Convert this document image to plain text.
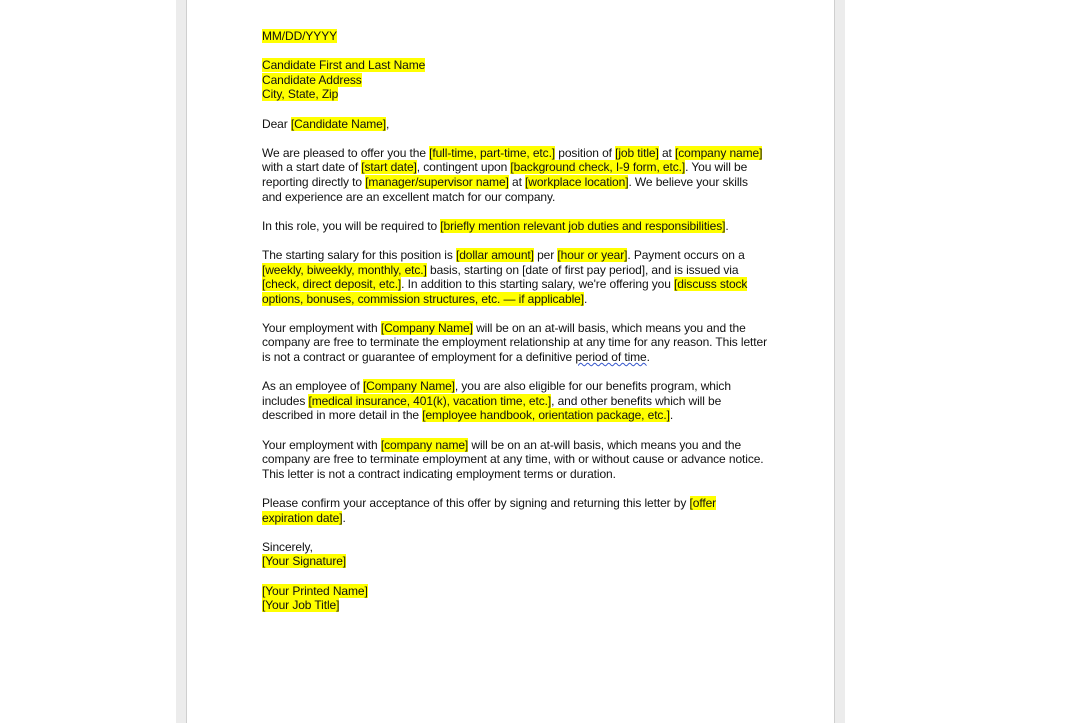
MM/DD/YYYY

Candidate First and Last Name
Candidate Address
City, State, Zip

Dear [Candidate Name],

We are pleased to offer you the [full-time, part-time, etc.] position of [job title] at [company name] with a start date of [start date], contingent upon [background check, I-9 form, etc.]. You will be reporting directly to [manager/supervisor name] at [workplace location]. We believe your skills and experience are an excellent match for our company.

In this role, you will be required to [briefly mention relevant job duties and responsibilities].

The starting salary for this position is [dollar amount] per [hour or year]. Payment occurs on a [weekly, biweekly, monthly, etc.] basis, starting on [date of first pay period], and is issued via [check, direct deposit, etc.]. In addition to this starting salary, we're offering you [discuss stock options, bonuses, commission structures, etc. — if applicable].

Your employment with [Company Name] will be on an at-will basis, which means you and the company are free to terminate the employment relationship at any time for any reason. This letter is not a contract or guarantee of employment for a definitive period of time.

As an employee of [Company Name], you are also eligible for our benefits program, which includes [medical insurance, 401(k), vacation time, etc.], and other benefits which will be described in more detail in the [employee handbook, orientation package, etc.].

Your employment with [company name] will be on an at-will basis, which means you and the company are free to terminate employment at any time, with or without cause or advance notice. This letter is not a contract indicating employment terms or duration.

Please confirm your acceptance of this offer by signing and returning this letter by [offer expiration date].

Sincerely,
[Your Signature]

[Your Printed Name]
[Your Job Title]
